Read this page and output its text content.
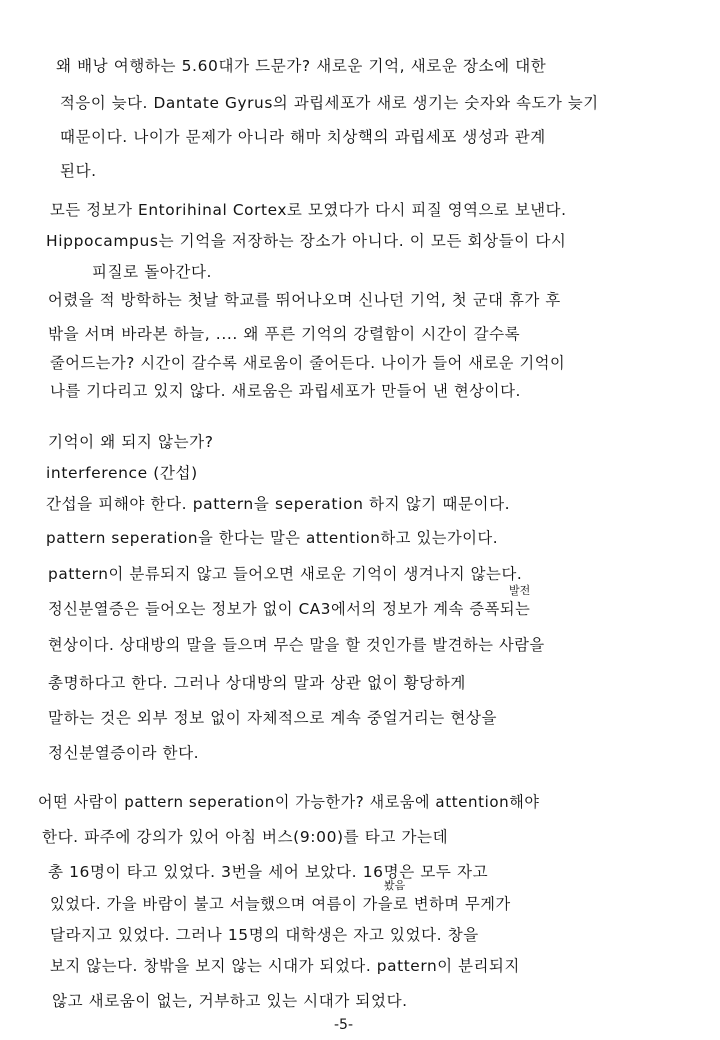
왜 배낭 여행하는 5.60대가 드문가? 새로운 기억, 새로운 장소에 대한
적응이 늦다. Dantate Gyrus의 과립세포가 새로 생기는 숫자와 속도가 늦기
때문이다. 나이가 문제가 아니라 해마 치상핵의 과립세포 생성과 관계
된다.
모든 정보가 Entorihinal Cortex로 모였다가 다시 피질 영역으로 보낸다.
Hippocampus는 기억을 저장하는 장소가 아니다. 이 모든 회상들이 다시
피질로 돌아간다.
어렸을 적 방학하는 첫날 학교를 뛰어나오며 신나던 기억, 첫 군대 휴가 후
밖을 서며 바라본 하늘, .... 왜 푸른 기억의 강렬함이 시간이 갈수록
줄어드는가? 시간이 갈수록 새로움이 줄어든다. 나이가 들어 새로운 기억이
나를 기다리고 있지 않다. 새로움은 과립세포가 만들어 낸 현상이다.
기억이 왜 되지 않는가?
interference (간섭)
간섭을 피해야 한다. pattern을 seperation 하지 않기 때문이다.
pattern seperation을 한다는 말은 attention하고 있는가이다.
pattern이 분류되지 않고 들어오면 새로운 기억이 생겨나지 않는다.
발전
정신분열증은 들어오는 정보가 없이 CA3에서의 정보가 계속 증폭되는
현상이다. 상대방의 말을 들으며 무슨 말을 할 것인가를 발견하는 사람을
총명하다고 한다. 그러나 상대방의 말과 상관 없이 황당하게
말하는 것은 외부 정보 없이 자체적으로 계속 중얼거리는 현상을
정신분열증이라 한다.
어떤 사람이 pattern seperation이 가능한가? 새로움에 attention해야
한다. 파주에 강의가 있어 아침 버스(9:00)를 타고 가는데
총 16명이 타고 있었다. 3번을 세어 보았다. 16명은 모두 자고
봤음
있었다. 가을 바람이 불고 서늘했으며 여름이 가을로 변하며 무게가
달라지고 있었다. 그러나 15명의 대학생은 자고 있었다. 창을
보지 않는다. 창밖을 보지 않는 시대가 되었다. pattern이 분리되지
않고 새로움이 없는, 거부하고 있는 시대가 되었다.
-5-
